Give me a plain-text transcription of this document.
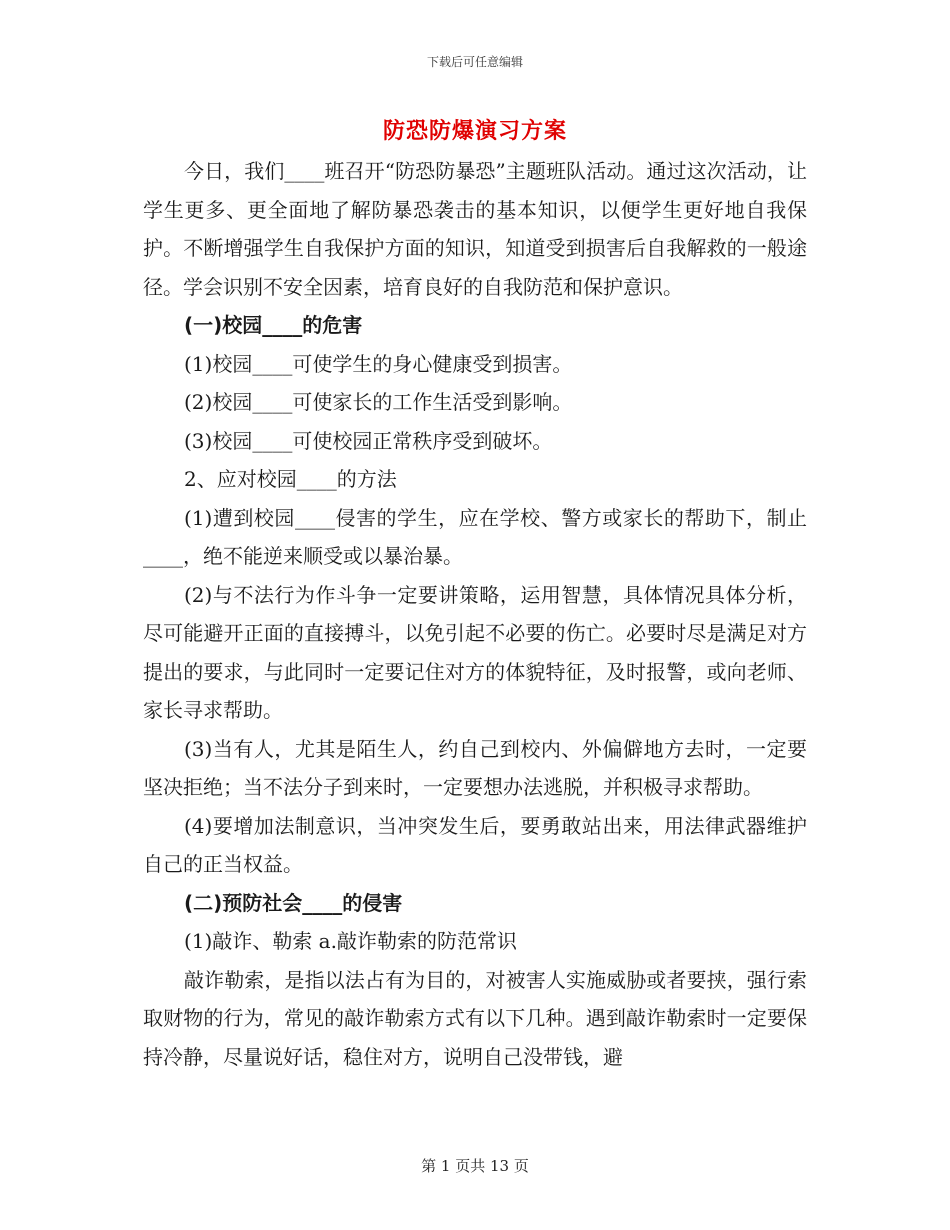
下载后可任意编辑
防恐防爆演习方案

今日，我们____班召开“防恐防暴恐”主题班队活动。通过这次活动，让学生更多、更全面地了解防暴恐袭击的基本知识，以便学生更好地自我保护。不断增强学生自我保护方面的知识，知道受到损害后自我解救的一般途径。学会识别不安全因素，培育良好的自我防范和保护意识。

(一)校园____的危害

(1)校园____可使学生的身心健康受到损害。

(2)校园____可使家长的工作生活受到影响。

(3)校园____可使校园正常秩序受到破坏。

2、应对校园____的方法

(1)遭到校园____侵害的学生，应在学校、警方或家长的帮助下，制止____，绝不能逆来顺受或以暴治暴。

(2)与不法行为作斗争一定要讲策略，运用智慧，具体情况具体分析，尽可能避开正面的直接搏斗，以免引起不必要的伤亡。必要时尽是满足对方提出的要求，与此同时一定要记住对方的体貌特征，及时报警，或向老师、家长寻求帮助。

(3)当有人，尤其是陌生人，约自己到校内、外偏僻地方去时，一定要坚决拒绝；当不法分子到来时，一定要想办法逃脱，并积极寻求帮助。

(4)要增加法制意识，当冲突发生后，要勇敢站出来，用法律武器维护自己的正当权益。

(二)预防社会____的侵害

(1)敲诈、勒索 a.敲诈勒索的防范常识

敲诈勒索，是指以法占有为目的，对被害人实施威胁或者要挟，强行索取财物的行为，常见的敲诈勒索方式有以下几种。遇到敲诈勒索时一定要保持冷静，尽量说好话，稳住对方，说明自己没带钱，避

第 1 页共 13 页
